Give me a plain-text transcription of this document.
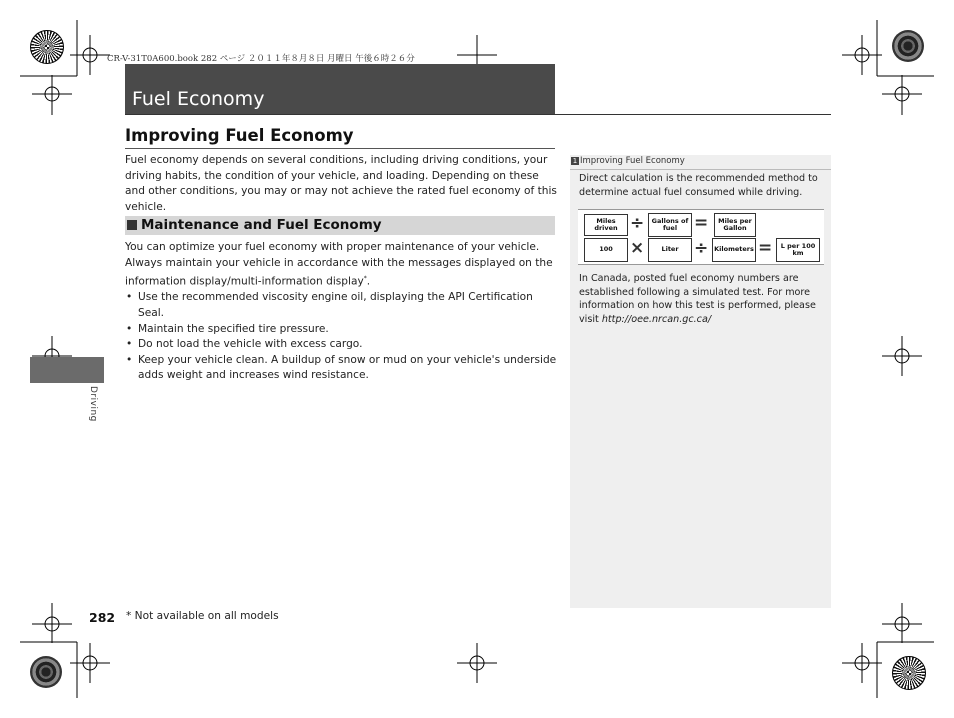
CR-V-31T0A600.book 282 ページ ２０１１年８月８日 月曜日 午後６時２６分
Fuel Economy
Improving Fuel Economy
Fuel economy depends on several conditions, including driving conditions, your driving habits, the condition of your vehicle, and loading. Depending on these and other conditions, you may or may not achieve the rated fuel economy of this vehicle.
Maintenance and Fuel Economy
You can optimize your fuel economy with proper maintenance of your vehicle. Always maintain your vehicle in accordance with the messages displayed on the information display/multi-information display*.
• Use the recommended viscosity engine oil, displaying the API Certification Seal.
• Maintain the specified tire pressure.
• Do not load the vehicle with excess cargo.
• Keep your vehicle clean. A buildup of snow or mud on your vehicle's underside adds weight and increases wind resistance.
Driving
282 * Not available on all models
1 Improving Fuel Economy
Direct calculation is the recommended method to determine actual fuel consumed while driving.
Miles driven ÷	Gallons of fuel =	Miles per Gallon
100	×	Liter ÷ Kilometers =	L per 100 km
In Canada, posted fuel economy numbers are established following a simulated test. For more information on how this test is performed, please visit http://oee.nrcan.gc.ca/
